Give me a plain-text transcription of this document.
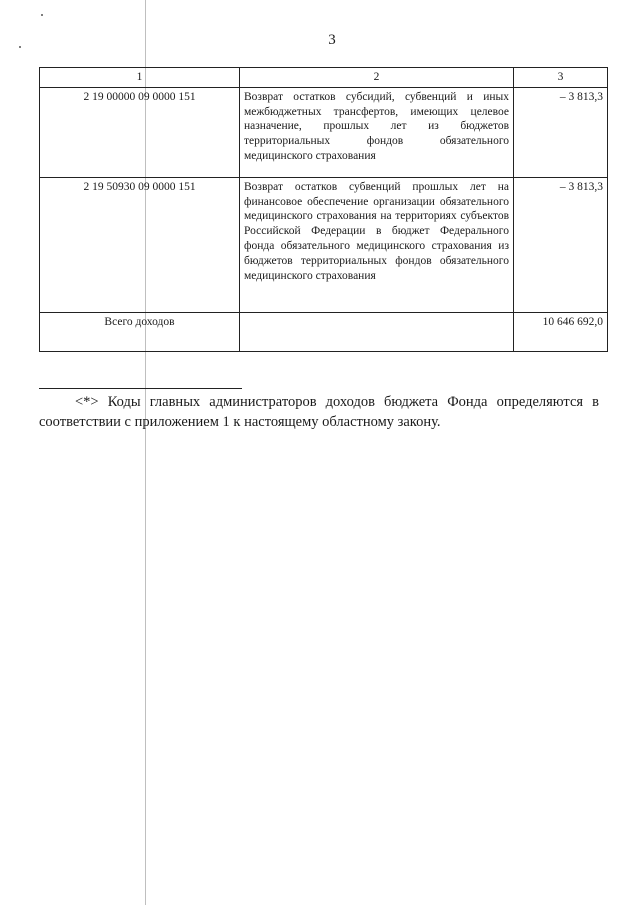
3
1	2	3
2 19 00000 09 0000 151	Возврат остатков субсидий, субвенций и иных межбюджетных трансфертов, имеющих целевое назначение, прошлых лет из бюджетов территориальных фондов обязательного медицинского страхования	– 3 813,3
2 19 50930 09 0000 151	Возврат остатков субвенций прошлых лет на финансовое обеспечение организации обязательного медицинского страхования на территориях субъектов Российской Федерации в бюджет Федерального фонда обязательного медицинского страхования из бюджетов территориальных фондов обязательного медицинского страхования	– 3 813,3
Всего доходов		10 646 692,0
<*> Коды главных администраторов доходов бюджета Фонда определяются в соответствии с приложением 1 к настоящему областному закону.
